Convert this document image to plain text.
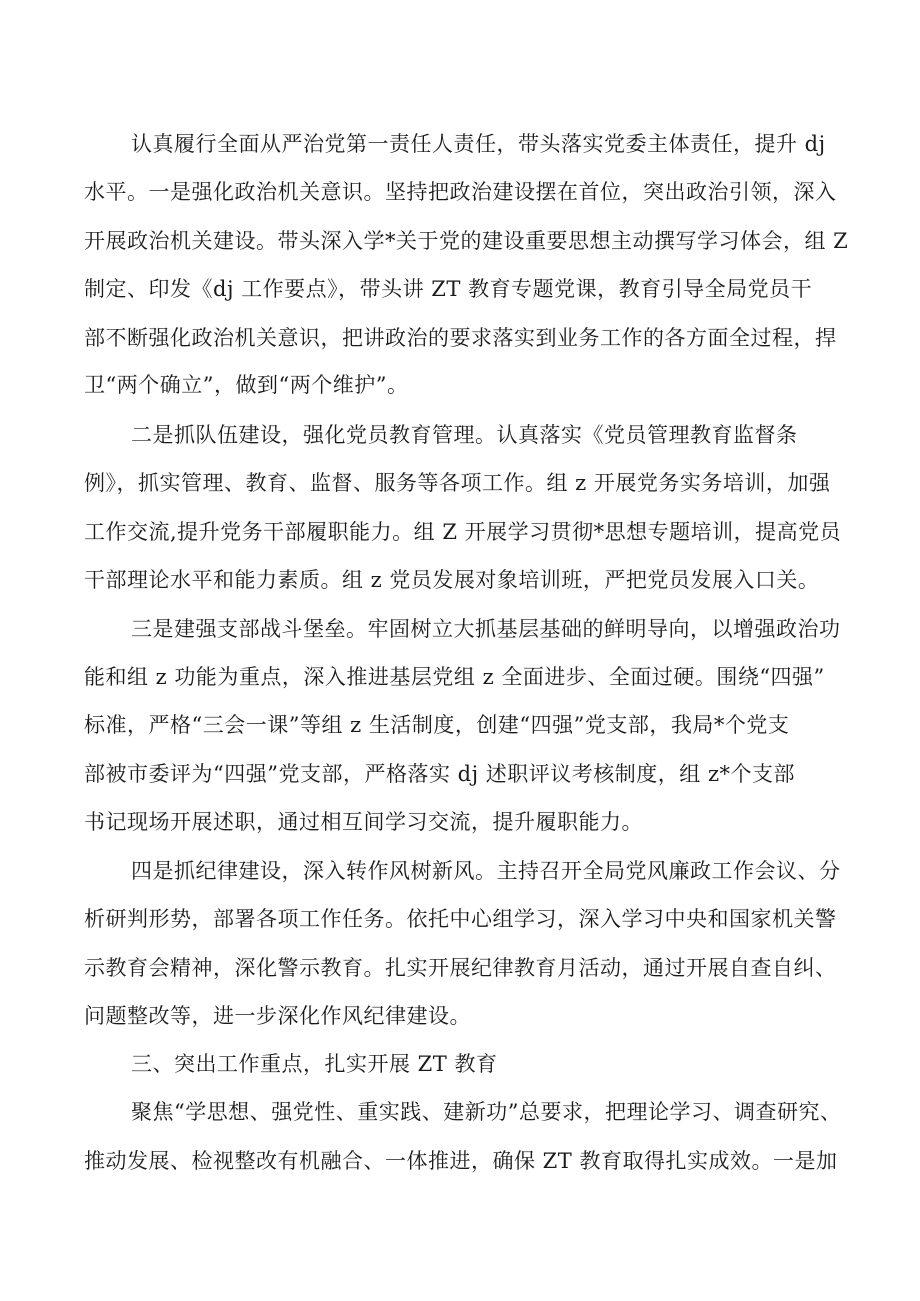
认真履行全面从严治党第一责任人责任，带头落实党委主体责任，提升 dj
水平。一是强化政治机关意识。坚持把政治建设摆在首位，突出政治引领，深入
开展政治机关建设。带头深入学*关于党的建设重要思想主动撰写学习体会，组 Z
制定、印发《dj 工作要点》，带头讲 ZT 教育专题党课，教育引导全局党员干
部不断强化政治机关意识，把讲政治的要求落实到业务工作的各方面全过程，捍
卫“两个确立”，做到“两个维护”。
二是抓队伍建设，强化党员教育管理。认真落实《党员管理教育监督条
例》，抓实管理、教育、监督、服务等各项工作。组 z 开展党务实务培训，加强
工作交流,提升党务干部履职能力。组 Z 开展学习贯彻*思想专题培训，提高党员
干部理论水平和能力素质。组 z 党员发展对象培训班，严把党员发展入口关。
三是建强支部战斗堡垒。牢固树立大抓基层基础的鲜明导向，以增强政治功
能和组 z 功能为重点，深入推进基层党组 z 全面进步、全面过硬。围绕“四强”
标准，严格“三会一课”等组 z 生活制度，创建“四强”党支部，我局*个党支
部被市委评为“四强”党支部，严格落实 dj 述职评议考核制度，组 z*个支部
书记现场开展述职，通过相互间学习交流，提升履职能力。
四是抓纪律建设，深入转作风树新风。主持召开全局党风廉政工作会议、分
析研判形势，部署各项工作任务。依托中心组学习，深入学习中央和国家机关警
示教育会精神，深化警示教育。扎实开展纪律教育月活动，通过开展自查自纠、
问题整改等，进一步深化作风纪律建设。
三、突出工作重点，扎实开展 ZT 教育
聚焦“学思想、强党性、重实践、建新功”总要求，把理论学习、调查研究、
推动发展、检视整改有机融合、一体推进，确保 ZT 教育取得扎实成效。一是加
